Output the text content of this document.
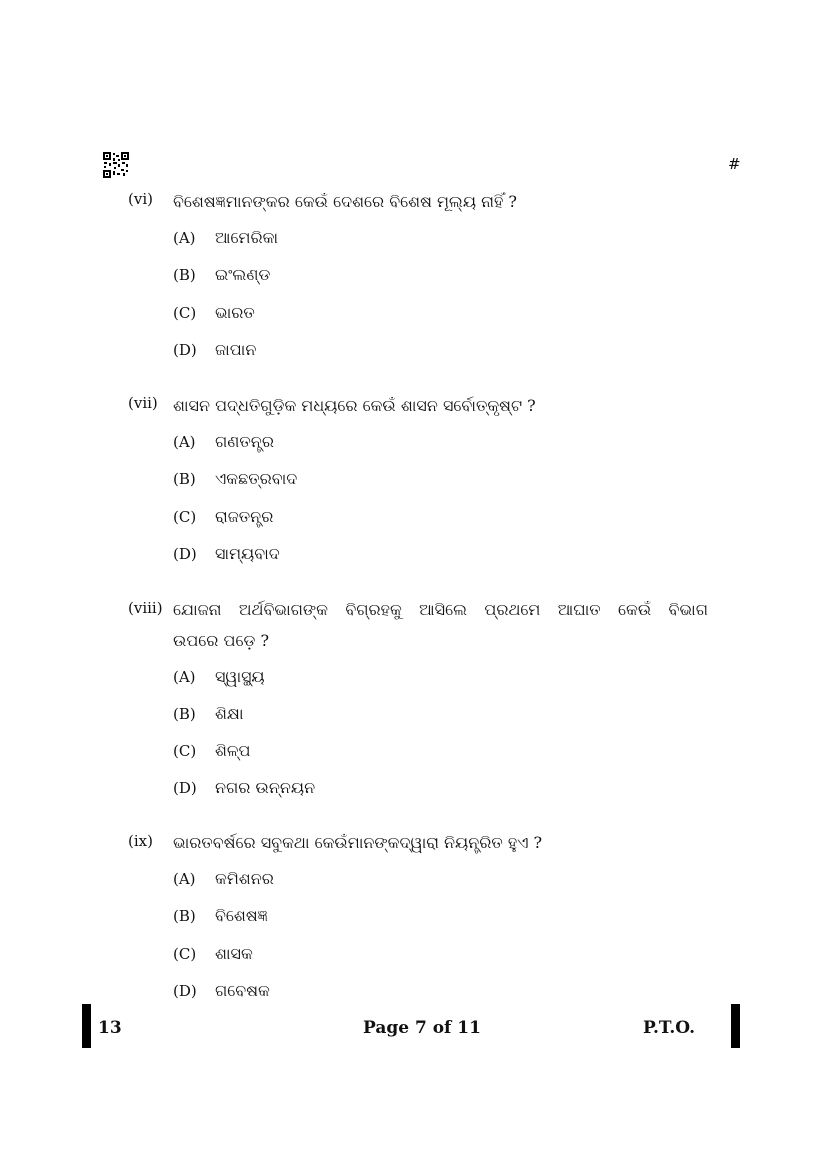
#
(vi) ବିଶେଷଜ୍ଞମାନଙ୍କର କେଉଁ ଦେଶରେ ବିଶେଷ ମୂଲ୍ୟ ନାହିଁ ?
(A) ଆମେରିକା
(B) ଇଂଲଣ୍ଡ
(C) ଭାରତ
(D) ଜାପାନ
(vii) ଶାସନ ପଦ୍ଧତିଗୁଡ଼ିକ ମଧ୍ୟରେ କେଉଁ ଶାସନ ସର୍ବୋତ୍କୃଷ୍ଟ ?
(A) ଗଣତନ୍ତ୍ର
(B) ଏକଛତ୍ରବାଦ
(C) ରାଜତନ୍ତ୍ର
(D) ସାମ୍ୟବାଦ
(viii) ଯୋଜନା ଅର୍ଥବିଭାଗଙ୍କ ବିଗ୍ରହକୁ ଆସିଲେ ପ୍ରଥମେ ଆଘାତ କେଉଁ ବିଭାଗ
ଉପରେ ପଡ଼େ ?
(A) ସ୍ୱାସ୍ଥ୍ୟ
(B) ଶିକ୍ଷା
(C) ଶିଳ୍ପ
(D) ନଗର ଉନ୍ନୟନ
(ix) ଭାରତବର୍ଷରେ ସବୁକଥା କେଉଁମାନଙ୍କଦ୍ୱାରା ନିୟନ୍ତ୍ରିତ ହୁଏ ?
(A) କମିଶନର
(B) ବିଶେଷଜ୍ଞ
(C) ଶାସକ
(D) ଗବେଷକ
13	Page 7 of 11	P.T.O.
